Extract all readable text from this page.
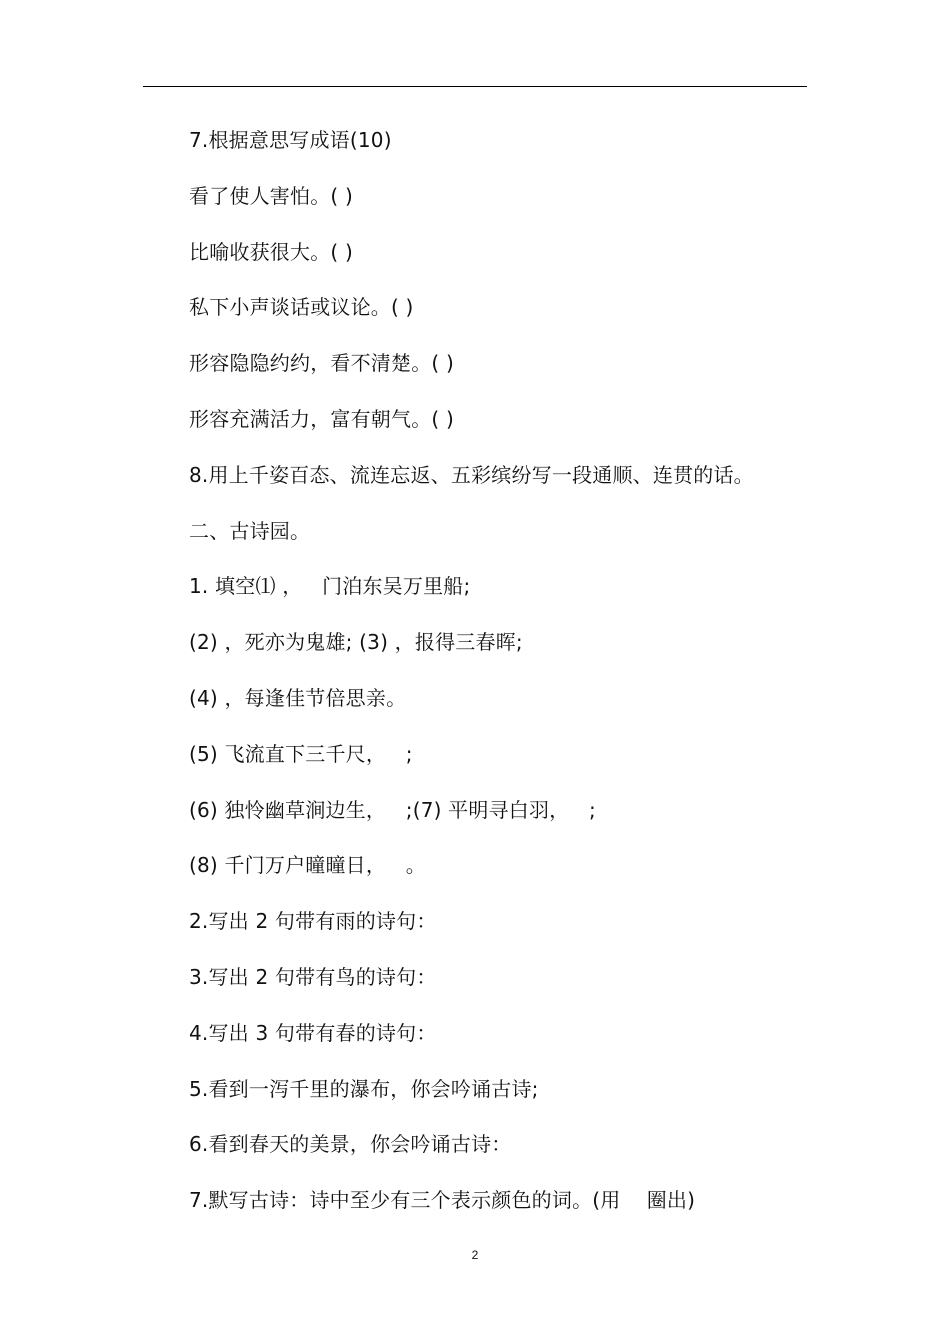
7.根据意思写成语(10)
看了使人害怕。( )
比喻收获很大。( )
私下小声谈话或议论。( )
形容隐隐约约，看不清楚。( )
形容充满活力，富有朝气。( )
8.用上千姿百态、流连忘返、五彩缤纷写一段通顺、连贯的话。
二、古诗园。
1. 填空⑴ ，   门泊东吴万里船;
(2) ，死亦为鬼雄; (3) ，报得三春晖;
(4) ，每逢佳节倍思亲。
(5) 飞流直下三千尺，   ;
(6) 独怜幽草涧边生，   ;(7) 平明寻白羽，   ;
(8) 千门万户曈曈日，   。
2.写出 2 句带有雨的诗句：
3.写出 2 句带有鸟的诗句：
4.写出 3 句带有春的诗句：
5.看到一泻千里的瀑布，你会吟诵古诗;
6.看到春天的美景，你会吟诵古诗：
7.默写古诗：诗中至少有三个表示颜色的词。(用    圈出)
2
